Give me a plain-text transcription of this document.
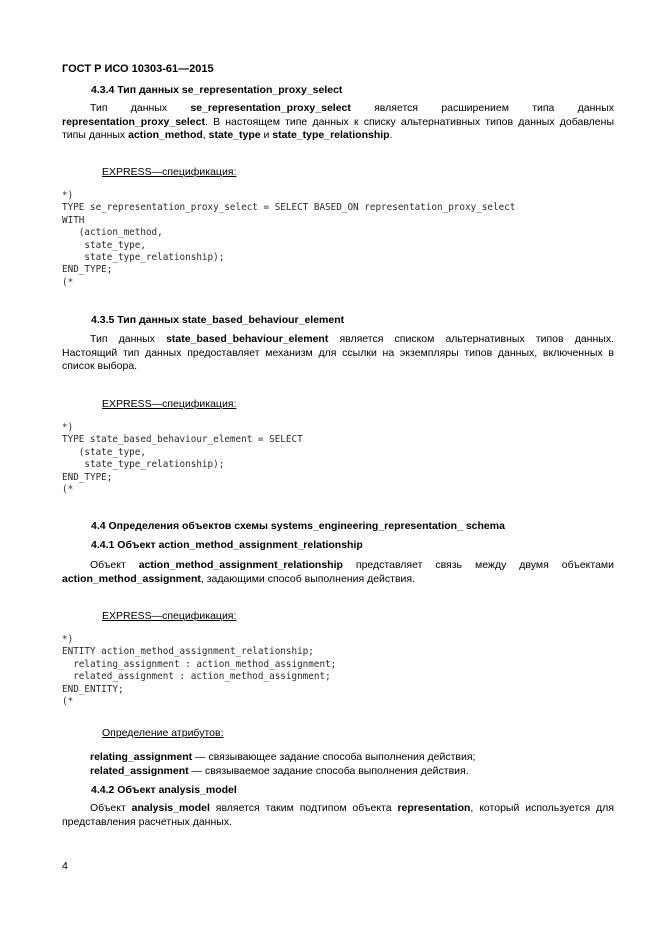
ГОСТ Р ИСО 10303-61—2015
4.3.4 Тип данных se_representation_proxy_select
Тип данных se_representation_proxy_select является расширением типа данных representation_proxy_select. В настоящем типе данных к списку альтернативных типов данных добавлены типы данных action_method, state_type и state_type_relationship.
EXPRESS—спецификация:
*)
TYPE se_representation_proxy_select = SELECT BASED_ON representation_proxy_select
WITH
(action_method,
state_type,
state_type_relationship);
END_TYPE;
(*
4.3.5 Тип данных state_based_behaviour_element
Тип данных state_based_behaviour_element является списком альтернативных типов данных. Настоящий тип данных предоставляет механизм для ссылки на экземпляры типов данных, включенных в список выбора.
EXPRESS—спецификация:
*)
TYPE state_based_behaviour_element = SELECT
(state_type,
state_type_relationship);
END_TYPE;
(*
4.4 Определения объектов схемы systems_engineering_representation_ schema
4.4.1 Объект action_method_assignment_relationship
Объект action_method_assignment_relationship представляет связь между двумя объектами action_method_assignment, задающими способ выполнения действия.
EXPRESS—спецификация:
*)
ENTITY action_method_assignment_relationship;
relating_assignment : action_method_assignment;
related_assignment : action_method_assignment;
END_ENTITY;
(*
Определение атрибутов:
relating_assignment — связывающее задание способа выполнения действия;
related_assignment — связываемое задание способа выполнения действия.
4.4.2 Объект analysis_model
Объект analysis_model является таким подтипом объекта representation, который используется для представления расчетных данных.
4
